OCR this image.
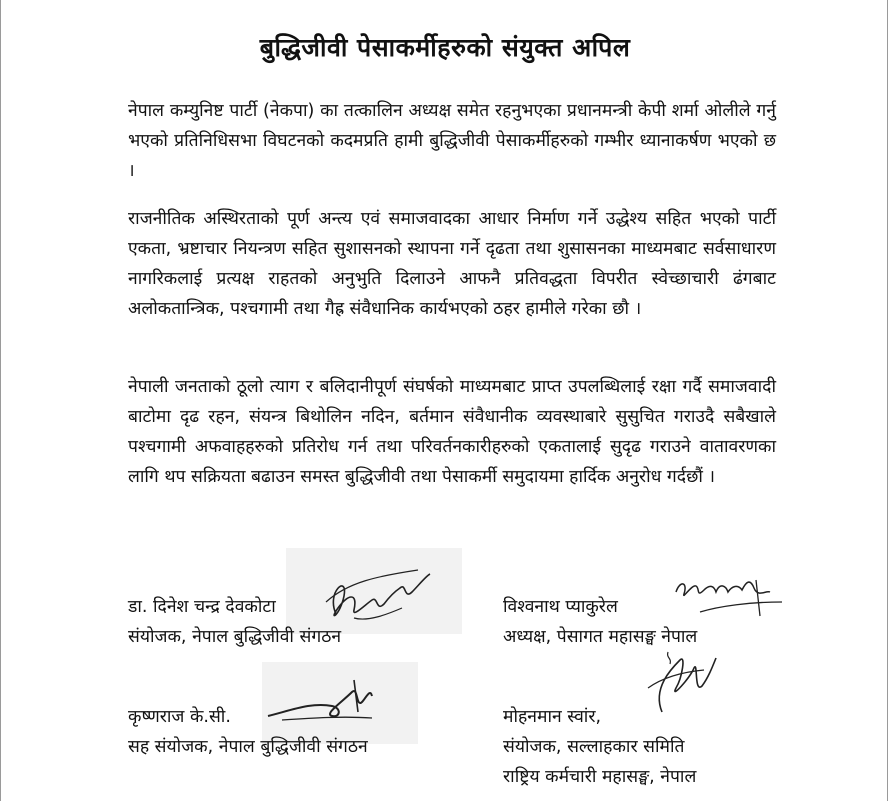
बुद्धिजीवी पेसाकर्मीहरुको संयुक्त अपिल

नेपाल कम्युनिष्ट पार्टी (नेकपा) का तत्कालिन अध्यक्ष समेत रहनुभएका प्रधानमन्त्री केपी शर्मा ओलीले गर्नु भएको प्रतिनिधिसभा विघटनको कदमप्रति हामी बुद्धिजीवी पेसाकर्मीहरुको गम्भीर ध्यानाकर्षण भएको छ ।

राजनीतिक अस्थिरताको पूर्ण अन्त्य एवं समाजवादका आधार निर्माण गर्ने उद्धेश्य सहित भएको पार्टी एकता, भ्रष्टाचार नियन्त्रण सहित सुशासनको स्थापना गर्ने दृढता तथा शुसासनका माध्यमबाट सर्वसाधारण नागरिकलाई प्रत्यक्ष राहतको अनुभुति दिलाउने आफनै प्रतिवद्धता विपरीत स्वेच्छाचारी ढंगबाट अलोकतान्त्रिक, पश्चगामी तथा गैह्र संवैधानिक कार्यभएको ठहर हामीले गरेका छौ ।

नेपाली जनताको ठूलो त्याग र बलिदानीपूर्ण संघर्षको माध्यमबाट प्राप्त उपलब्धिलाई रक्षा गर्दै समाजवादी बाटोमा दृढ रहन, संयन्त्र बिथोलिन नदिन, बर्तमान संवैधानीक व्यवस्थाबारे सुसुचित गराउदै सबैखाले पश्चगामी अफवाहहरुको प्रतिरोध गर्न तथा परिवर्तनकारीहरुको एकतालाई सुदृढ गराउने वातावरणका लागि थप सक्रियता बढाउन समस्त बुद्धिजीवी तथा पेसाकर्मी समुदायमा हार्दिक अनुरोध गर्दछौं ।

डा. दिनेश चन्द्र देवकोटा
संयोजक, नेपाल बुद्धिजीवी संगठन
विश्वनाथ प्याकुरेल
अध्यक्ष, पेसागत महासङ्घ नेपाल
कृष्णराज के.सी.
सह संयोजक, नेपाल बुद्धिजीवी संगठन
मोहनमान स्वांर,
संयोजक, सल्लाहकार समिति
राष्ट्रिय कर्मचारी महासङ्घ, नेपाल
